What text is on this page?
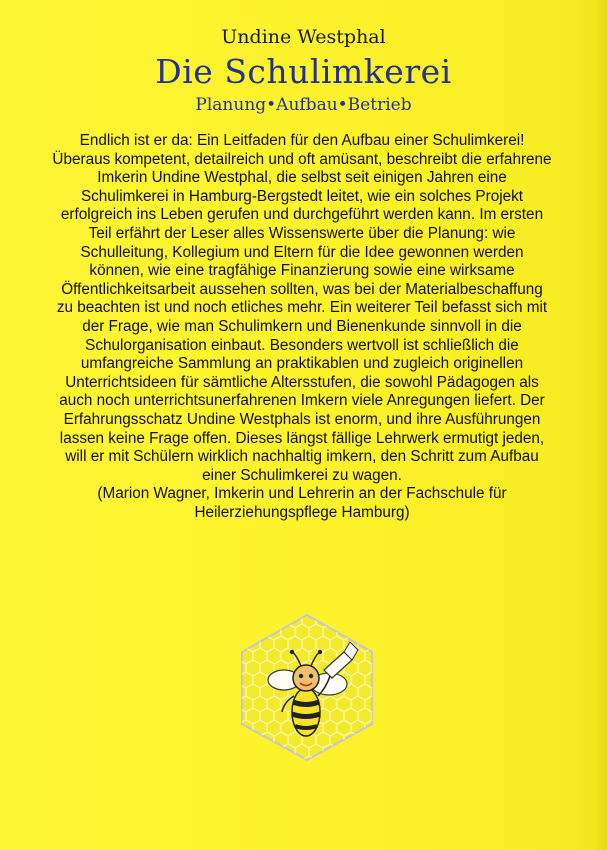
Undine Westphal
Die Schulimkerei
Planung•Aufbau•Betrieb

Endlich ist er da: Ein Leitfaden für den Aufbau einer Schulimkerei! Überaus kompetent, detailreich und oft amüsant, beschreibt die erfahrene Imkerin Undine Westphal, die selbst seit einigen Jahren eine Schulimkerei in Hamburg-Bergstedt leitet, wie ein solches Projekt erfolgreich ins Leben gerufen und durchgeführt werden kann. Im ersten Teil erfährt der Leser alles Wissenswerte über die Planung: wie Schulleitung, Kollegium und Eltern für die Idee gewonnen werden können, wie eine tragfähige Finanzierung sowie eine wirksame Öffentlichkeitsarbeit aussehen sollten, was bei der Materialbeschaffung zu beachten ist und noch etliches mehr. Ein weiterer Teil befasst sich mit der Frage, wie man Schulimkern und Bienenkunde sinnvoll in die Schulorganisation einbaut. Besonders wertvoll ist schließlich die umfangreiche Sammlung an praktikablen und zugleich originellen Unterrichtsideen für sämtliche Altersstufen, die sowohl Pädagogen als auch noch unterrichtsunerfahrenen Imkern viele Anregungen liefert. Der Erfahrungsschatz Undine Westphals ist enorm, und ihre Ausführungen lassen keine Frage offen. Dieses längst fällige Lehrwerk ermutigt jeden, will er mit Schülern wirklich nachhaltig imkern, den Schritt zum Aufbau einer Schulimkerei zu wagen.

(Marion Wagner, Imkerin und Lehrerin an der Fachschule für Heilerziehungspflege Hamburg)
